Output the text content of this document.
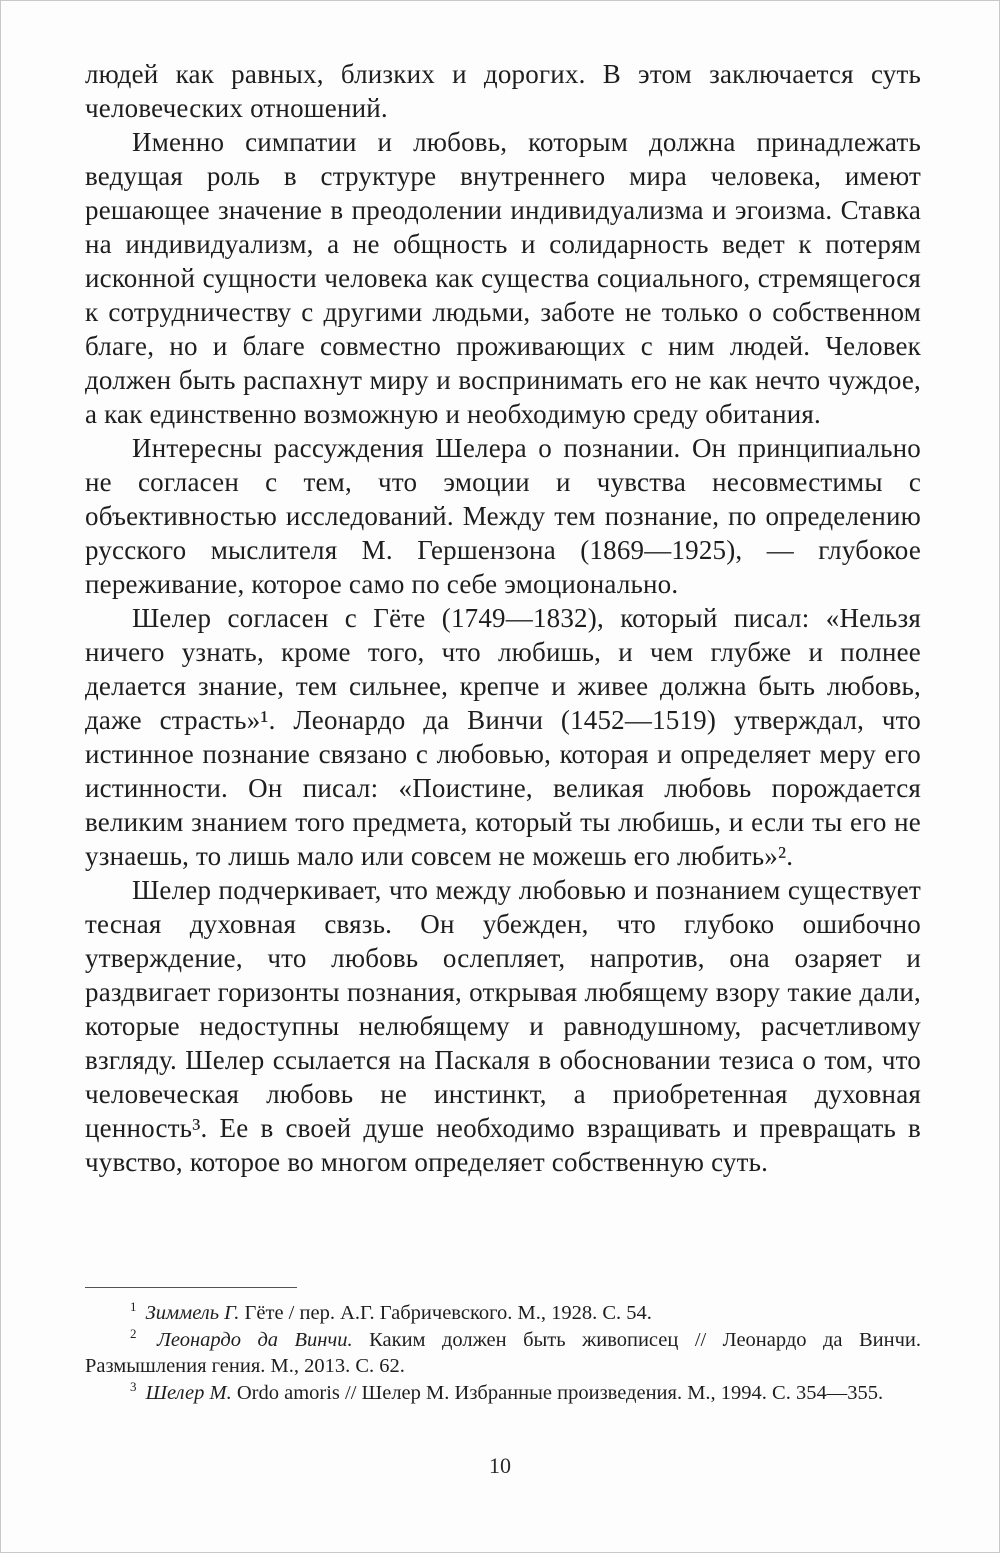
людей как равных, близких и дорогих. В этом заключается суть человеческих отношений.

Именно симпатии и любовь, которым должна принадлежать ведущая роль в структуре внутреннего мира человека, имеют решающее значение в преодолении индивидуализма и эгоизма. Ставка на индивидуализм, а не общность и солидарность ведет к потерям исконной сущности человека как существа социального, стремящегося к сотрудничеству с другими людьми, заботе не только о собственном благе, но и благе совместно проживающих с ним людей. Человек должен быть распахнут миру и воспринимать его не как нечто чуждое, а как единственно возможную и необходимую среду обитания.

Интересны рассуждения Шелера о познании. Он принципиально не согласен с тем, что эмоции и чувства несовместимы с объективностью исследований. Между тем познание, по определению русского мыслителя М. Гершензона (1869—1925), — глубокое переживание, которое само по себе эмоционально.

Шелер согласен с Гёте (1749—1832), который писал: «Нельзя ничего узнать, кроме того, что любишь, и чем глубже и полнее делается знание, тем сильнее, крепче и живее должна быть любовь, даже страсть»¹. Леонардо да Винчи (1452—1519) утверждал, что истинное познание связано с любовью, которая и определяет меру его истинности. Он писал: «Поистине, великая любовь порождается великим знанием того предмета, который ты любишь, и если ты его не узнаешь, то лишь мало или совсем не можешь его любить»².

Шелер подчеркивает, что между любовью и познанием существует тесная духовная связь. Он убежден, что глубоко ошибочно утверждение, что любовь ослепляет, напротив, она озаряет и раздвигает горизонты познания, открывая любящему взору такие дали, которые недоступны нелюбящему и равнодушному, расчетливому взгляду. Шелер ссылается на Паскаля в обосновании тезиса о том, что человеческая любовь не инстинкт, а приобретенная духовная ценность³. Ее в своей душе необходимо взращивать и превращать в чувство, которое во многом определяет собственную суть.

$^1$ Зиммель Г. Гёте / пер. А.Г. Габричевского. М., 1928. С. 54.

$^2$ Леонардо да Винчи. Каким должен быть живописец // Леонардо да Винчи. Размышления гения. М., 2013. С. 62.

$^3$ Шелер М. Ordo amoris // Шелер М. Избранные произведения. М., 1994. С. 354—355.

10
